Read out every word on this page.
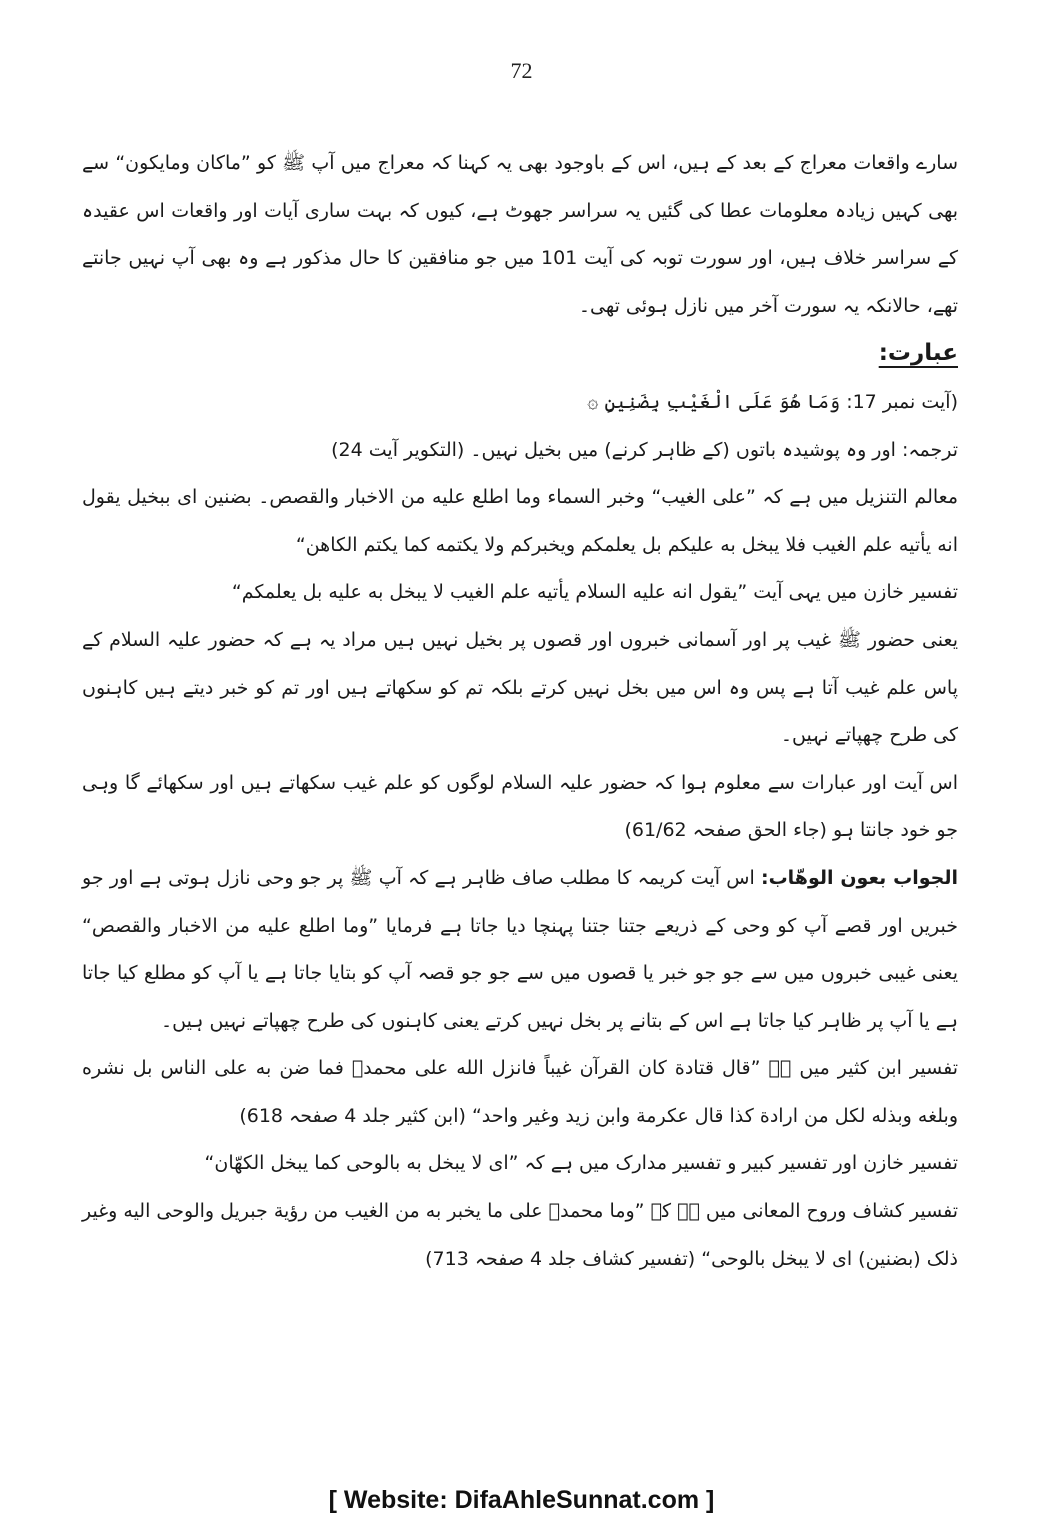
72

سارے واقعات معراج کے بعد کے ہیں، اس کے باوجود بھی یہ کہنا کہ معراج میں آپ ﷺ کو ”ماکان ومایکون“ سے بھی کہیں زیادہ معلومات عطا کی گئیں یہ سراسر جھوٹ ہے، کیوں کہ بہت ساری آیات اور واقعات اس عقیدہ کے سراسر خلاف ہیں، اور سورت توبہ کی آیت 101 میں جو منافقین کا حال مذکور ہے وہ بھی آپ نہیں جانتے تھے، حالانکہ یہ سورت آخر میں نازل ہوئی تھی۔

عبارت:

(آیت نمبر 17: وَمَا هُوَ عَلَى الْغَيْبِ بِضَنِينٍ ۞

ترجمہ: اور وہ پوشیدہ باتوں (کے ظاہر کرنے) میں بخیل نہیں۔ (التکویر آیت 24)

معالم التنزیل میں ہے کہ ”علی الغیب“ وخبر السماء وما اطلع علیه من الاخبار والقصص۔ بضنین ای ببخیل یقول انه یأتیه علم الغیب فلا یبخل به علیکم بل یعلمکم ویخبرکم ولا یکتمه کما یکتم الکاهن“

تفسیر خازن میں یہی آیت ”یقول انه علیه السلام یأتیه علم الغیب لا یبخل به علیه بل یعلمکم“

یعنی حضور ﷺ غیب پر اور آسمانی خبروں اور قصوں پر بخیل نہیں ہیں مراد یہ ہے کہ حضور علیہ السلام کے پاس علم غیب آتا ہے پس وہ اس میں بخل نہیں کرتے بلکہ تم کو سکھاتے ہیں اور تم کو خبر دیتے ہیں کاہنوں کی طرح چھپاتے نہیں۔

اس آیت اور عبارات سے معلوم ہوا کہ حضور علیہ السلام لوگوں کو علم غیب سکھاتے ہیں اور سکھائے گا وہی جو خود جانتا ہو (جاء الحق صفحہ 61/62)

الجواب بعون الوھّاب: اس آیت کریمہ کا مطلب صاف ظاہر ہے کہ آپ ﷺ پر جو وحی نازل ہوتی ہے اور جو خبریں اور قصے آپ کو وحی کے ذریعے جتنا جتنا پہنچا دیا جاتا ہے فرمایا ”وما اطلع علیه من الاخبار والقصص“ یعنی غیبی خبروں میں سے جو جو خبر یا قصوں میں سے جو جو قصہ آپ کو بتایا جاتا ہے یا آپ کو مطلع کیا جاتا ہے یا آپ پر ظاہر کیا جاتا ہے اس کے بتانے پر بخل نہیں کرتے یعنی کاہنوں کی طرح چھپاتے نہیں ہیں۔

تفسیر ابن کثیر میں ہے ”قال قتادة کان القرآن غیباً فانزل الله علی محمدؐ فما ضن به علی الناس بل نشره وبلغه وبذله لکل من ارادة کذا قال عکرمة وابن زید وغیر واحد“ (ابن کثیر جلد 4 صفحہ 618)

تفسیر خازن اور تفسیر کبیر و تفسیر مدارک میں ہے کہ ”ای لا یبخل به بالوحی کما یبخل الکهّان“

تفسیر کشاف وروح المعانی میں ہے کہ ”وما محمدؐ علی ما یخبر به من الغیب من رؤیة جبریل والوحی الیه وغیر ذلک (بضنین) ای لا یبخل بالوحی“ (تفسیر کشاف جلد 4 صفحہ 713)

[ Website: DifaAhleSunnat.com ]
